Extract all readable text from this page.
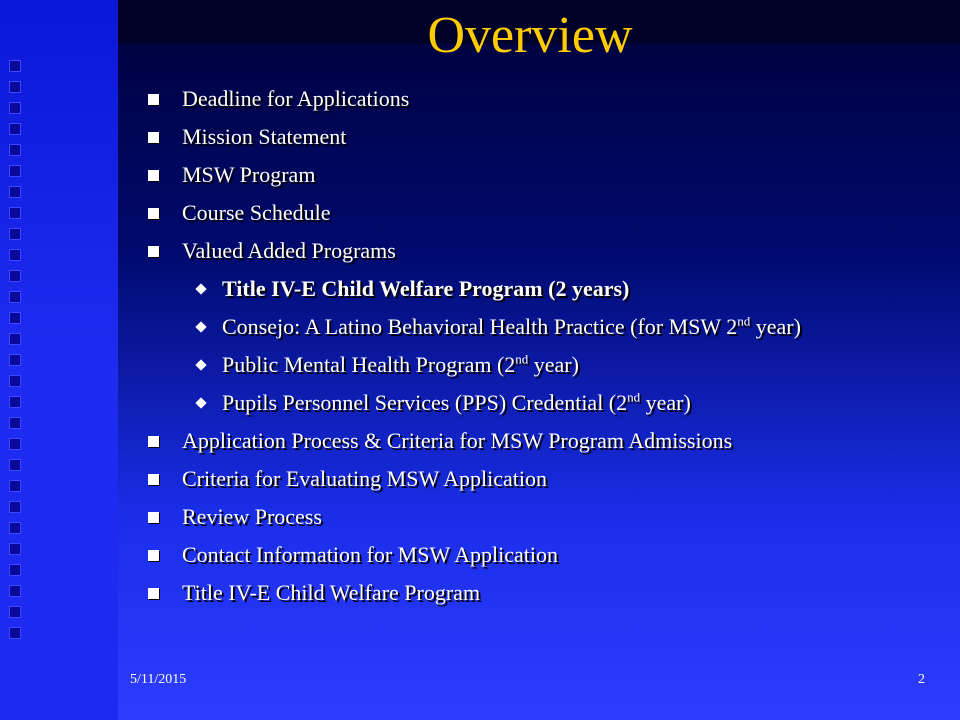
Overview
Deadline for Applications
Mission Statement
MSW Program
Course Schedule
Valued Added Programs
Title IV-E Child Welfare Program (2 years)
Consejo: A Latino Behavioral Health Practice (for MSW 2nd year)
Public Mental Health Program (2nd year)
Pupils Personnel Services (PPS) Credential (2nd year)
Application Process & Criteria for MSW Program Admissions
Criteria for Evaluating MSW Application
Review Process
Contact Information for MSW Application
Title IV-E Child Welfare Program
5/11/2015	2
